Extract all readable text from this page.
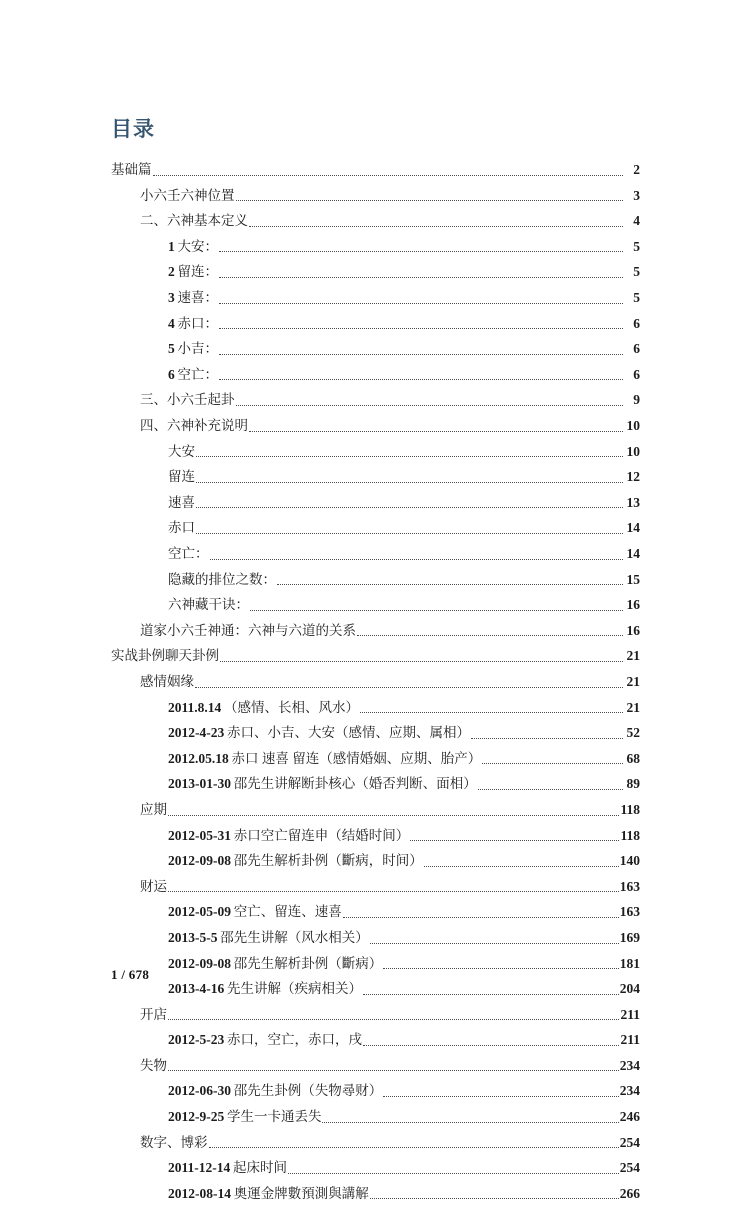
目录
基础篇	2
小六壬六神位置	3
二、六神基本定义	4
1  大安：	5
2  留连：	5
3  速喜：	5
4  赤口：	6
5  小吉：	6
6  空亡：	6
三、小六壬起卦	9
四、六神补充说明	10
大安	10
留连	12
速喜	13
赤口	14
空亡：	14
隐藏的排位之数：	15
六神藏干诀：	16
道家小六壬神通：六神与六道的关系	16
实战卦例聊天卦例	21
感情姻缘	21
2011.8.14  （感情、长相、风水）	21
2012-4-23  赤口、小吉、大安（感情、应期、属相）	52
2012.05.18  赤口 速喜 留连（感情婚姻、应期、胎产）	68
2013-01-30  邵先生讲解断卦核心（婚否判断、面相）	89
应期	118
2012-05-31  赤口空亡留连申（结婚时间）	118
2012-09-08  邵先生解析卦例（斷病，时间）	140
财运	163
2012-05-09  空亡、留连、速喜	163
2013-5-5  邵先生讲解（风水相关）	169
2012-09-08  邵先生解析卦例（斷病）	181
2013-4-16  先生讲解（疾病相关）	204
开店	211
2012-5-23  赤口，空亡，赤口，戌	211
失物	234
2012-06-30  邵先生卦例（失物尋财）	234
2012-9-25  学生一卡通丢失	246
数字、博彩	254
2011-12-14  起床时间	254
2012-08-14  奧運金牌數預測與講解	266
1 / 678
